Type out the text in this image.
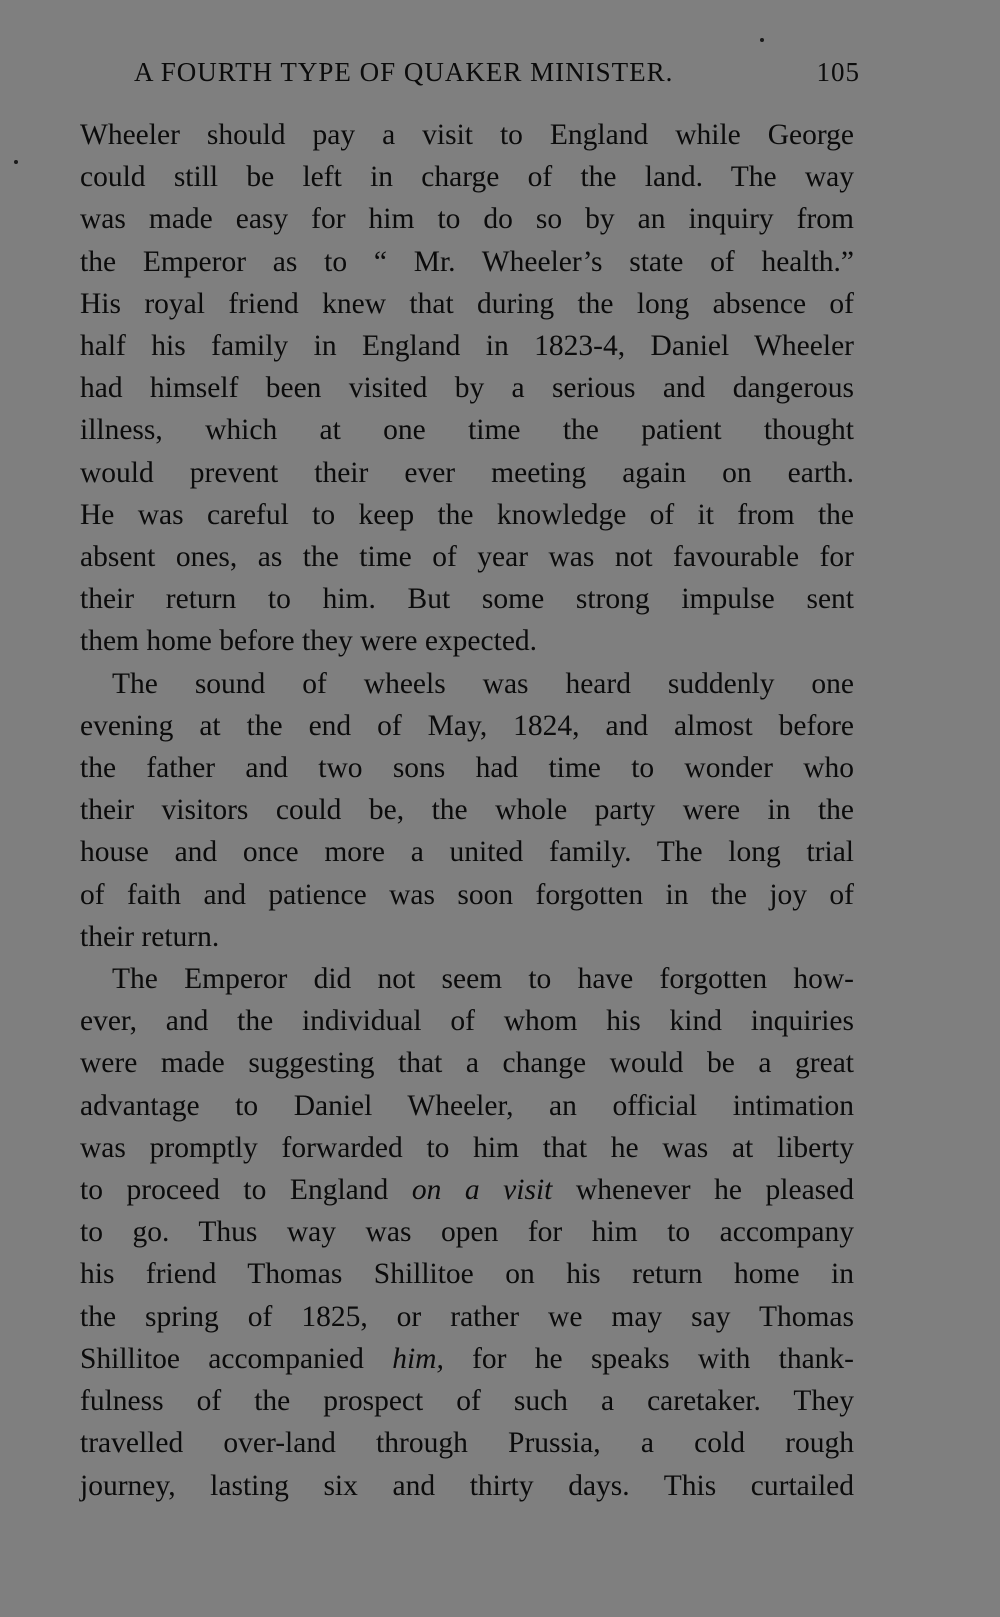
A FOURTH TYPE OF QUAKER MINISTER.	105

Wheeler should pay a visit to England while George
could still be left in charge of the land. The way
was made easy for him to do so by an inquiry from
the Emperor as to “ Mr. Wheeler’s state of health.”
His royal friend knew that during the long absence of
half his family in England in 1823-4, Daniel Wheeler
had himself been visited by a serious and dangerous
illness, which at one time the patient thought
would prevent their ever meeting again on earth.
He was careful to keep the knowledge of it from the
absent ones, as the time of year was not favourable for
their return to him. But some strong impulse sent
them home before they were expected.

The sound of wheels was heard suddenly one
evening at the end of May, 1824, and almost before
the father and two sons had time to wonder who
their visitors could be, the whole party were in the
house and once more a united family. The long trial
of faith and patience was soon forgotten in the joy of
their return.

The Emperor did not seem to have forgotten how-
ever, and the individual of whom his kind inquiries
were made suggesting that a change would be a great
advantage to Daniel Wheeler, an official intimation
was promptly forwarded to him that he was at liberty
to proceed to England on a visit whenever he pleased
to go. Thus way was open for him to accompany
his friend Thomas Shillitoe on his return home in
the spring of 1825, or rather we may say Thomas
Shillitoe accompanied him, for he speaks with thank-
fulness of the prospect of such a caretaker. They
travelled over-land through Prussia, a cold rough
journey, lasting six and thirty days. This curtailed
